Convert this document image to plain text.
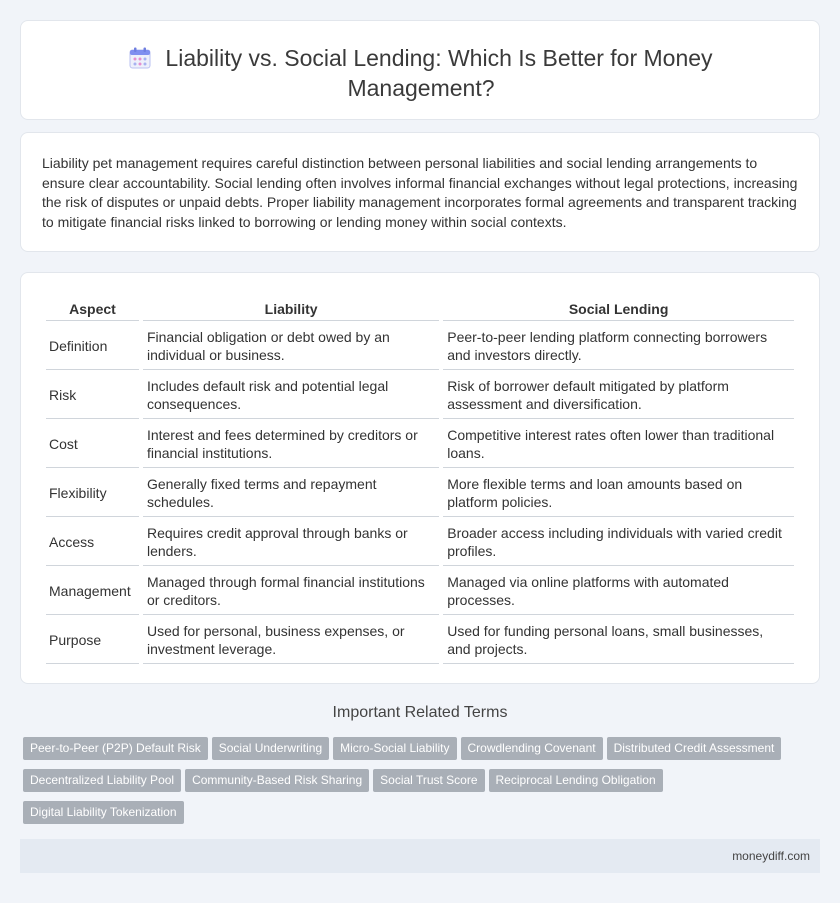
Liability vs. Social Lending: Which Is Better for Money
Management?

Liability pet management requires careful distinction between personal liabilities and social lending arrangements to ensure clear accountability. Social lending often involves informal financial exchanges without legal protections, increasing the risk of disputes or unpaid debts. Proper liability management incorporates formal agreements and transparent tracking to mitigate financial risks linked to borrowing or lending money within social contexts.

Aspect	Liability	Social Lending
Definition	Financial obligation or debt owed by an individual or business.	Peer-to-peer lending platform connecting borrowers and investors directly.
Risk	Includes default risk and potential legal consequences.	Risk of borrower default mitigated by platform assessment and diversification.
Cost	Interest and fees determined by creditors or financial institutions.	Competitive interest rates often lower than traditional loans.
Flexibility	Generally fixed terms and repayment schedules.	More flexible terms and loan amounts based on platform policies.
Access	Requires credit approval through banks or lenders.	Broader access including individuals with varied credit profiles.
Management	Managed through formal financial institutions or creditors.	Managed via online platforms with automated processes.
Purpose	Used for personal, business expenses, or investment leverage.	Used for funding personal loans, small businesses, and projects.
Important Related Terms
Peer-to-Peer (P2P) Default Risk Social Underwriting Micro-Social Liability Crowdlending Covenant Distributed Credit Assessment
Decentralized Liability Pool Community-Based Risk Sharing Social Trust Score Reciprocal Lending Obligation
Digital Liability Tokenization
moneydiff.com
